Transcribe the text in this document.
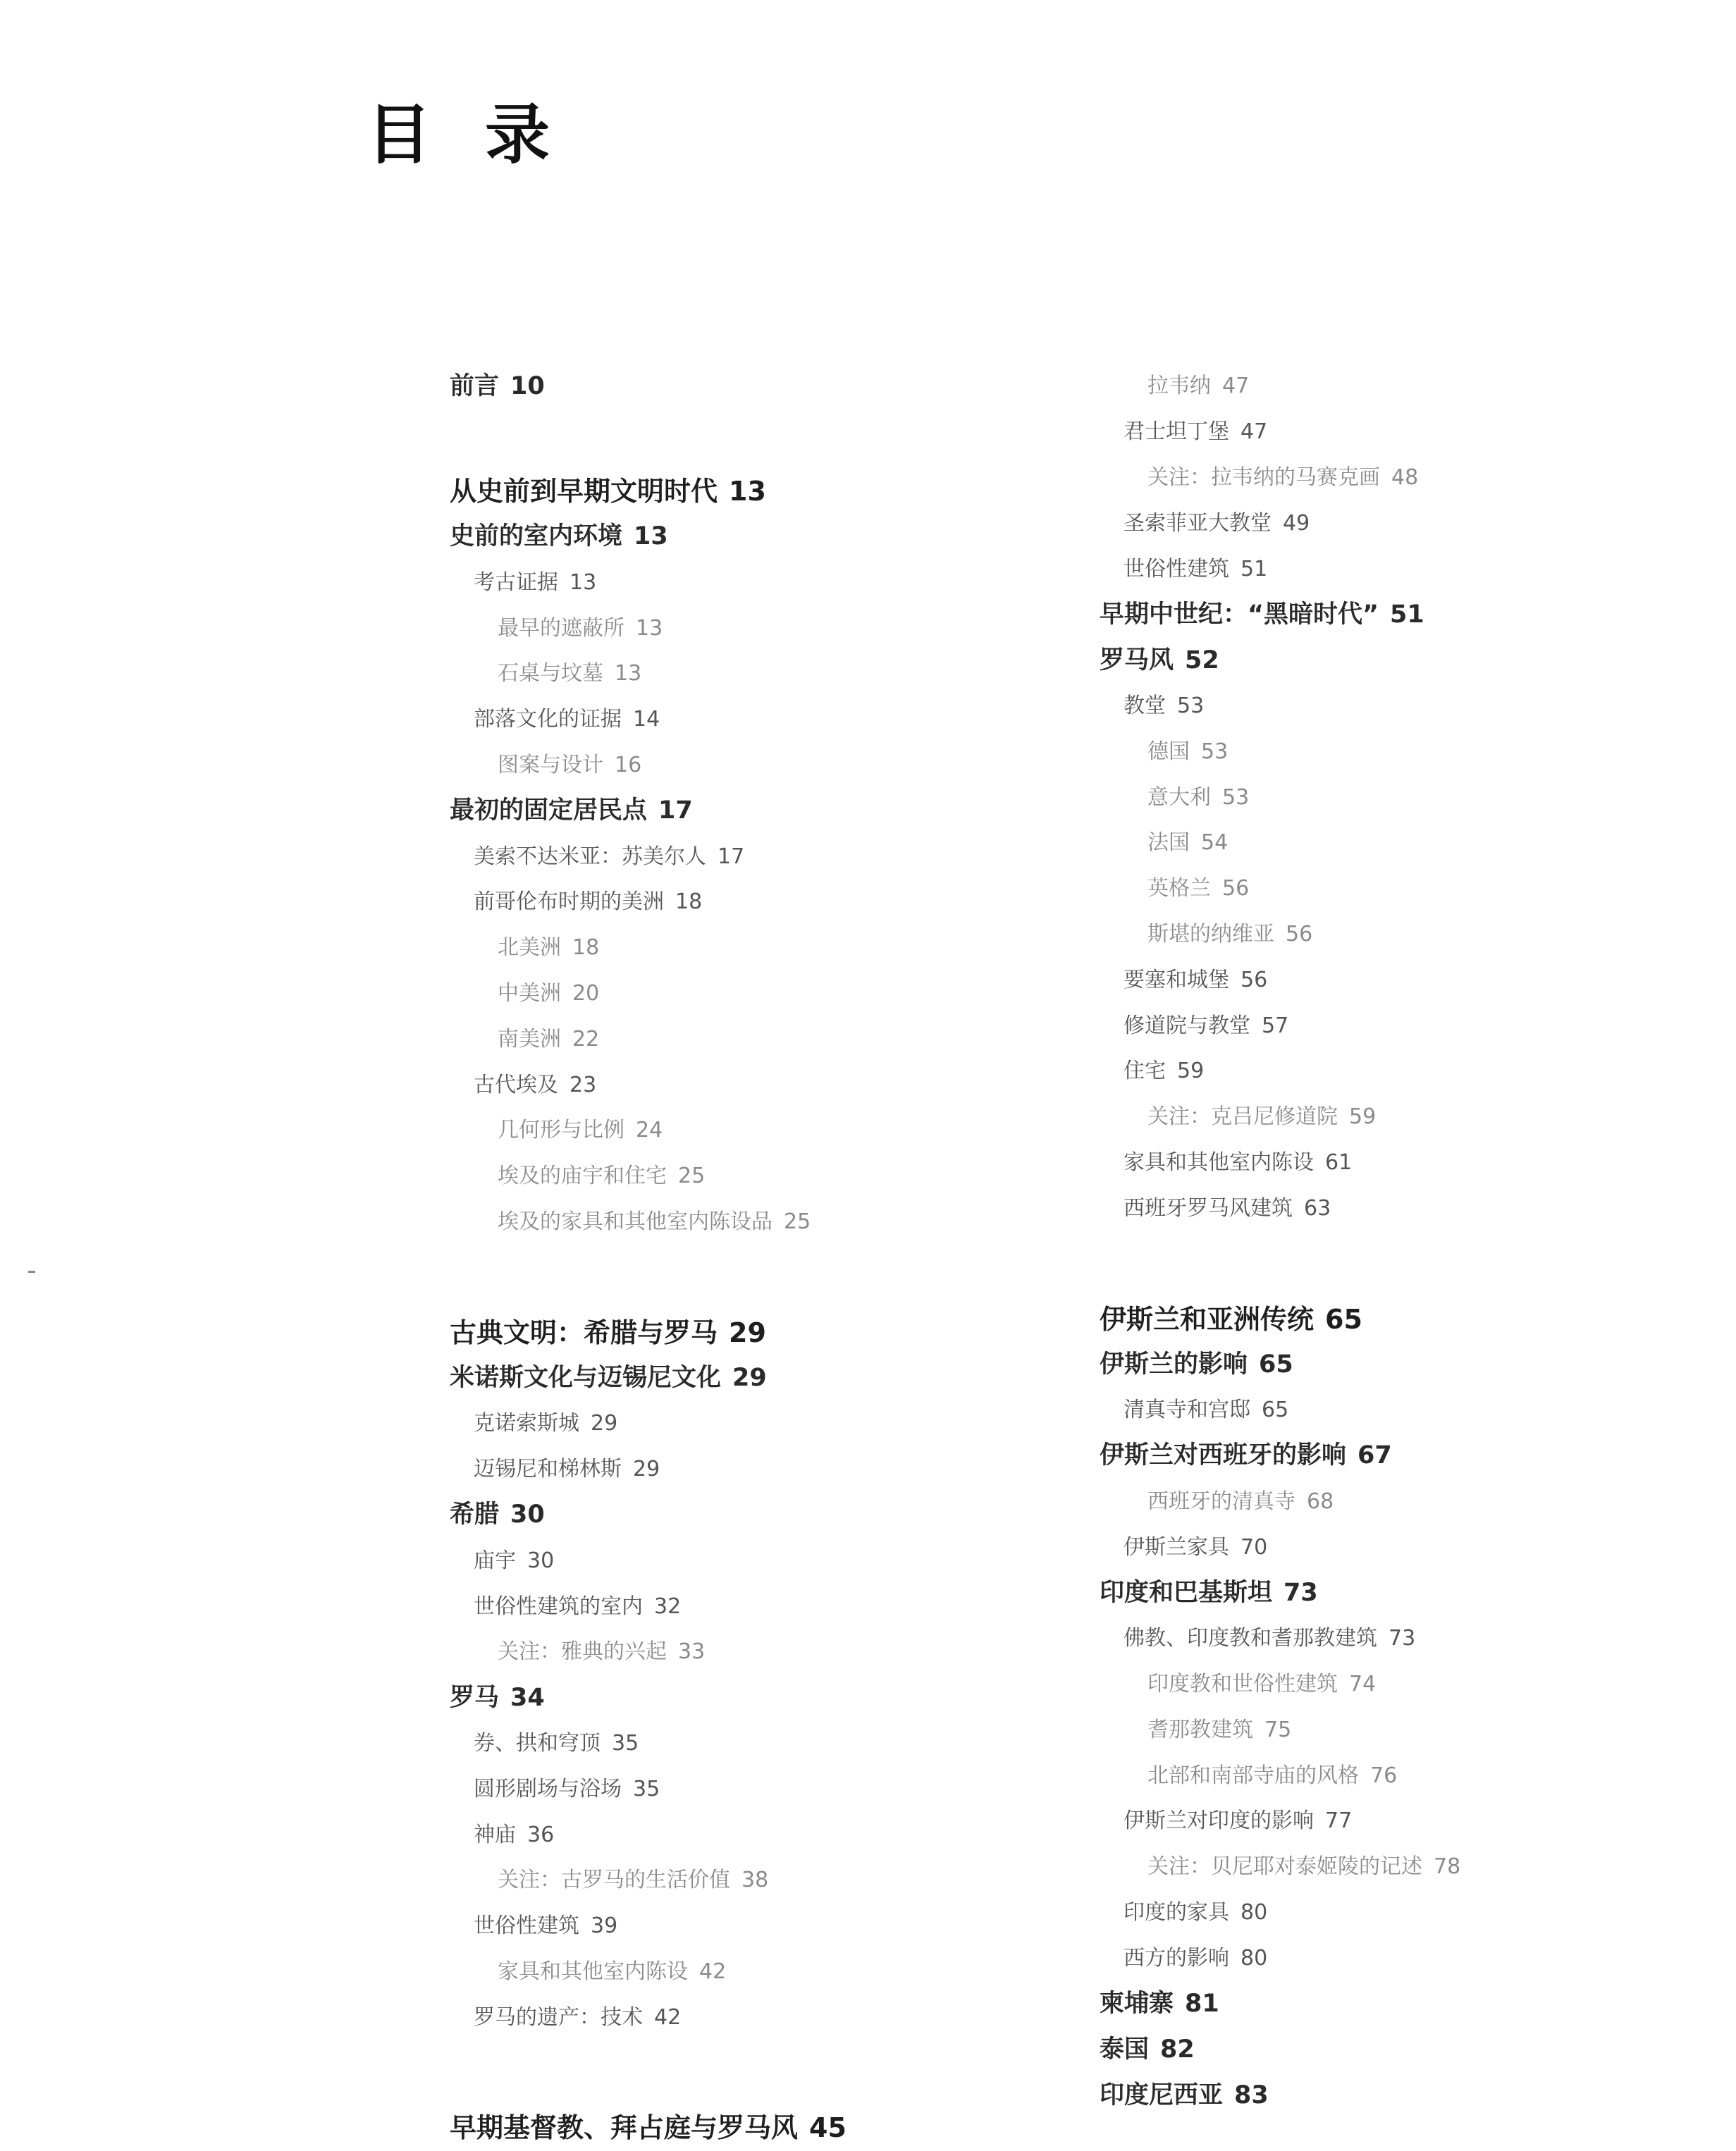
目 录
前言 10
从史前到早期文明时代 13
史前的室内环境 13
考古证据 13
最早的遮蔽所 13
石桌与坟墓 13
部落文化的证据 14
图案与设计 16
最初的固定居民点 17
美索不达米亚：苏美尔人 17
前哥伦布时期的美洲 18
北美洲 18
中美洲 20
南美洲 22
古代埃及 23
几何形与比例 24
埃及的庙宇和住宅 25
埃及的家具和其他室内陈设品 25
古典文明：希腊与罗马 29
米诺斯文化与迈锡尼文化 29
克诺索斯城 29
迈锡尼和梯林斯 29
希腊 30
庙宇 30
世俗性建筑的室内 32
关注：雅典的兴起 33
罗马 34
券、拱和穹顶 35
圆形剧场与浴场 35
神庙 36
关注：古罗马的生活价值 38
世俗性建筑 39
家具和其他室内陈设 42
罗马的遗产：技术 42
早期基督教、拜占庭与罗马风 45
拉韦纳 47
君士坦丁堡 47
关注：拉韦纳的马赛克画 48
圣索菲亚大教堂 49
世俗性建筑 51
早期中世纪：“黑暗时代” 51
罗马风 52
教堂 53
德国 53
意大利 53
法国 54
英格兰 56
斯堪的纳维亚 56
要塞和城堡 56
修道院与教堂 57
住宅 59
关注：克吕尼修道院 59
家具和其他室内陈设 61
西班牙罗马风建筑 63
伊斯兰和亚洲传统 65
伊斯兰的影响 65
清真寺和宫邸 65
伊斯兰对西班牙的影响 67
西班牙的清真寺 68
伊斯兰家具 70
印度和巴基斯坦 73
佛教、印度教和耆那教建筑 73
印度教和世俗性建筑 74
耆那教建筑 75
北部和南部寺庙的风格 76
伊斯兰对印度的影响 77
关注：贝尼耶对泰姬陵的记述 78
印度的家具 80
西方的影响 80
柬埔寨 81
泰国 82
印度尼西亚 83
